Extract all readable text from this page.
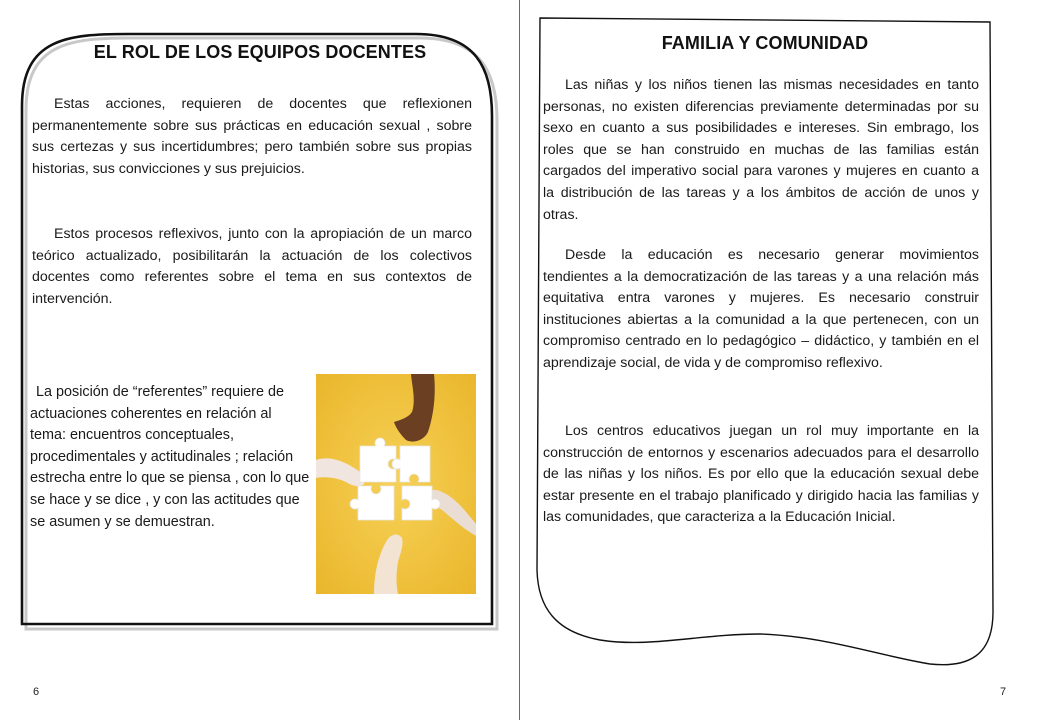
EL ROL DE LOS EQUIPOS DOCENTES

Estas acciones, requieren de docentes que reflexionen permanentemente sobre sus prácticas en educación sexual , sobre sus certezas y sus incertidumbres; pero también sobre sus propias historias, sus convicciones y sus prejuicios.

Estos procesos reflexivos, junto con la apropiación de un marco teórico actualizado, posibilitarán la actuación de los colectivos docentes como referentes sobre el tema en sus contextos de intervención.

La posición de “referentes” requiere de actuaciones coherentes en relación al tema: encuentros conceptuales, procedimentales y actitudinales ; relación estrecha entre lo que se piensa , con lo que se hace y se dice , y con las actitudes que se asumen y se demuestran.

6
FAMILIA Y COMUNIDAD

Las niñas y los niños tienen las mismas necesidades en tanto personas, no existen diferencias previamente determinadas por su sexo en cuanto a sus posibilidades e intereses. Sin embrago, los roles que se han construido en muchas de las familias están cargados del imperativo social para varones y mujeres en cuanto a la distribución de las tareas y a los ámbitos de acción de unos y otras.

Desde la educación es necesario generar movimientos tendientes a la democratización de las tareas y a una relación más equitativa entra varones y mujeres. Es necesario construir instituciones abiertas a la comunidad a la que pertenecen, con un compromiso centrado en lo pedagógico – didáctico, y también en el aprendizaje social, de vida y de compromiso reflexivo.

Los centros educativos juegan un rol muy importante en la construcción de entornos y escenarios adecuados para el desarrollo de las niñas y los niños. Es por ello que la educación sexual debe estar presente en el trabajo planificado y dirigido hacia las familias y las comunidades, que caracteriza a la Educación Inicial.

7
